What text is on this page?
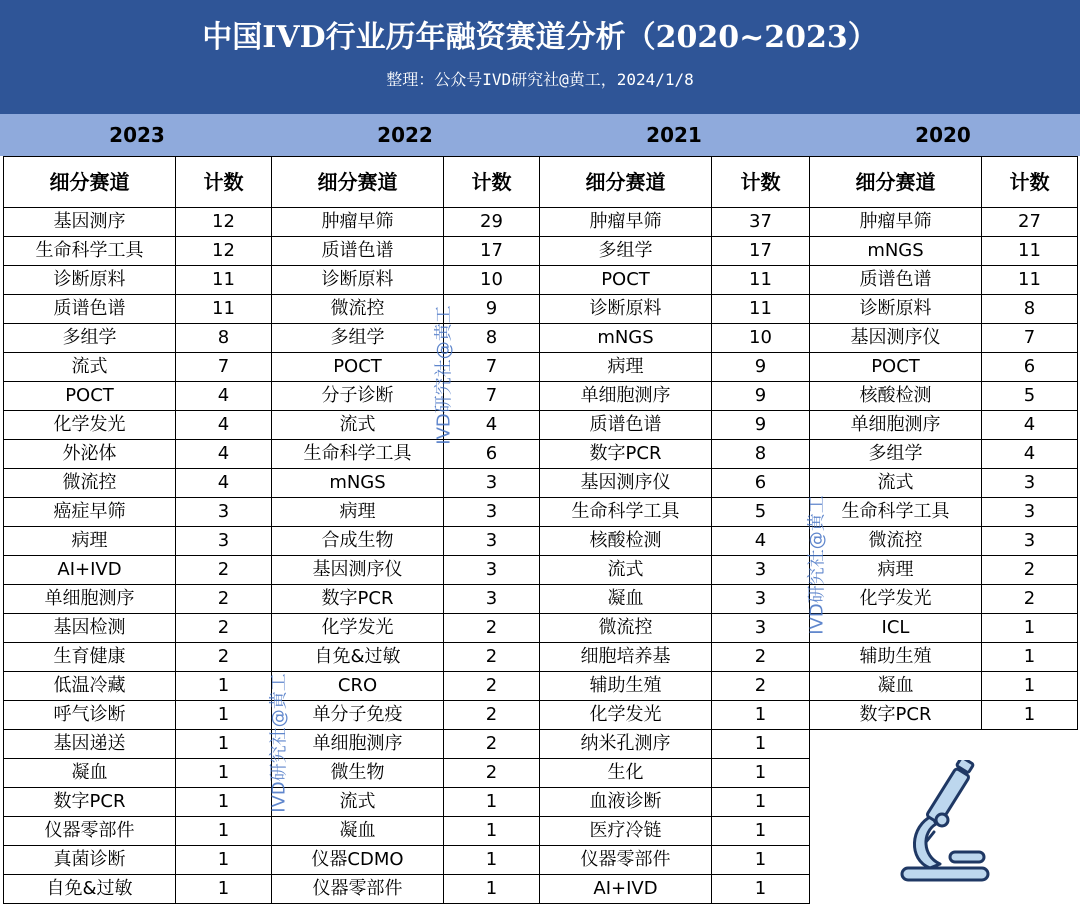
中国IVD行业历年融资赛道分析（2020~2023）
整理：公众号IVD研究社@黄工，2024/1/8
2023	2022	2021	2020
细分赛道	计数	细分赛道	计数	细分赛道	计数	细分赛道	计数
基因测序	12	肿瘤早筛	29	肿瘤早筛	37	肿瘤早筛	27
生命科学工具	12	质谱色谱	17	多组学	17	mNGS	11
诊断原料	11	诊断原料	10	POCT	11	质谱色谱	11
质谱色谱	11	微流控	9	诊断原料	11	诊断原料	8
多组学	8	多组学	8	mNGS	10	基因测序仪	7
流式	7	POCT	7	病理	9	POCT	6
POCT	4	分子诊断	7	单细胞测序	9	核酸检测	5
化学发光	4	流式	4	质谱色谱	9	单细胞测序	4
外泌体	4	生命科学工具	6	数字PCR	8	多组学	4
微流控	4	mNGS	3	基因测序仪	6	流式	3
癌症早筛	3	病理	3	生命科学工具	5	生命科学工具	3
病理	3	合成生物	3	核酸检测	4	微流控	3
AI+IVD	2	基因测序仪	3	流式	3	病理	2
单细胞测序	2	数字PCR	3	凝血	3	化学发光	2
基因检测	2	化学发光	2	微流控	3	ICL	1
生育健康	2	自免&过敏	2	细胞培养基	2	辅助生殖	1
低温冷藏	1	CRO	2	辅助生殖	2	凝血	1
呼气诊断	1	单分子免疫	2	化学发光	1	数字PCR	1
基因递送	1	单细胞测序	2	纳米孔测序	1		
凝血	1	微生物	2	生化	1		
数字PCR	1	流式	1	血液诊断	1		
仪器零部件	1	凝血	1	医疗冷链	1		
真菌诊断	1	仪器CDMO	1	仪器零部件	1		
自免&过敏	1	仪器零部件	1	AI+IVD	1		
IVD研究社@黄工
IVD研究社@黄工
IVD研究社@黄工
